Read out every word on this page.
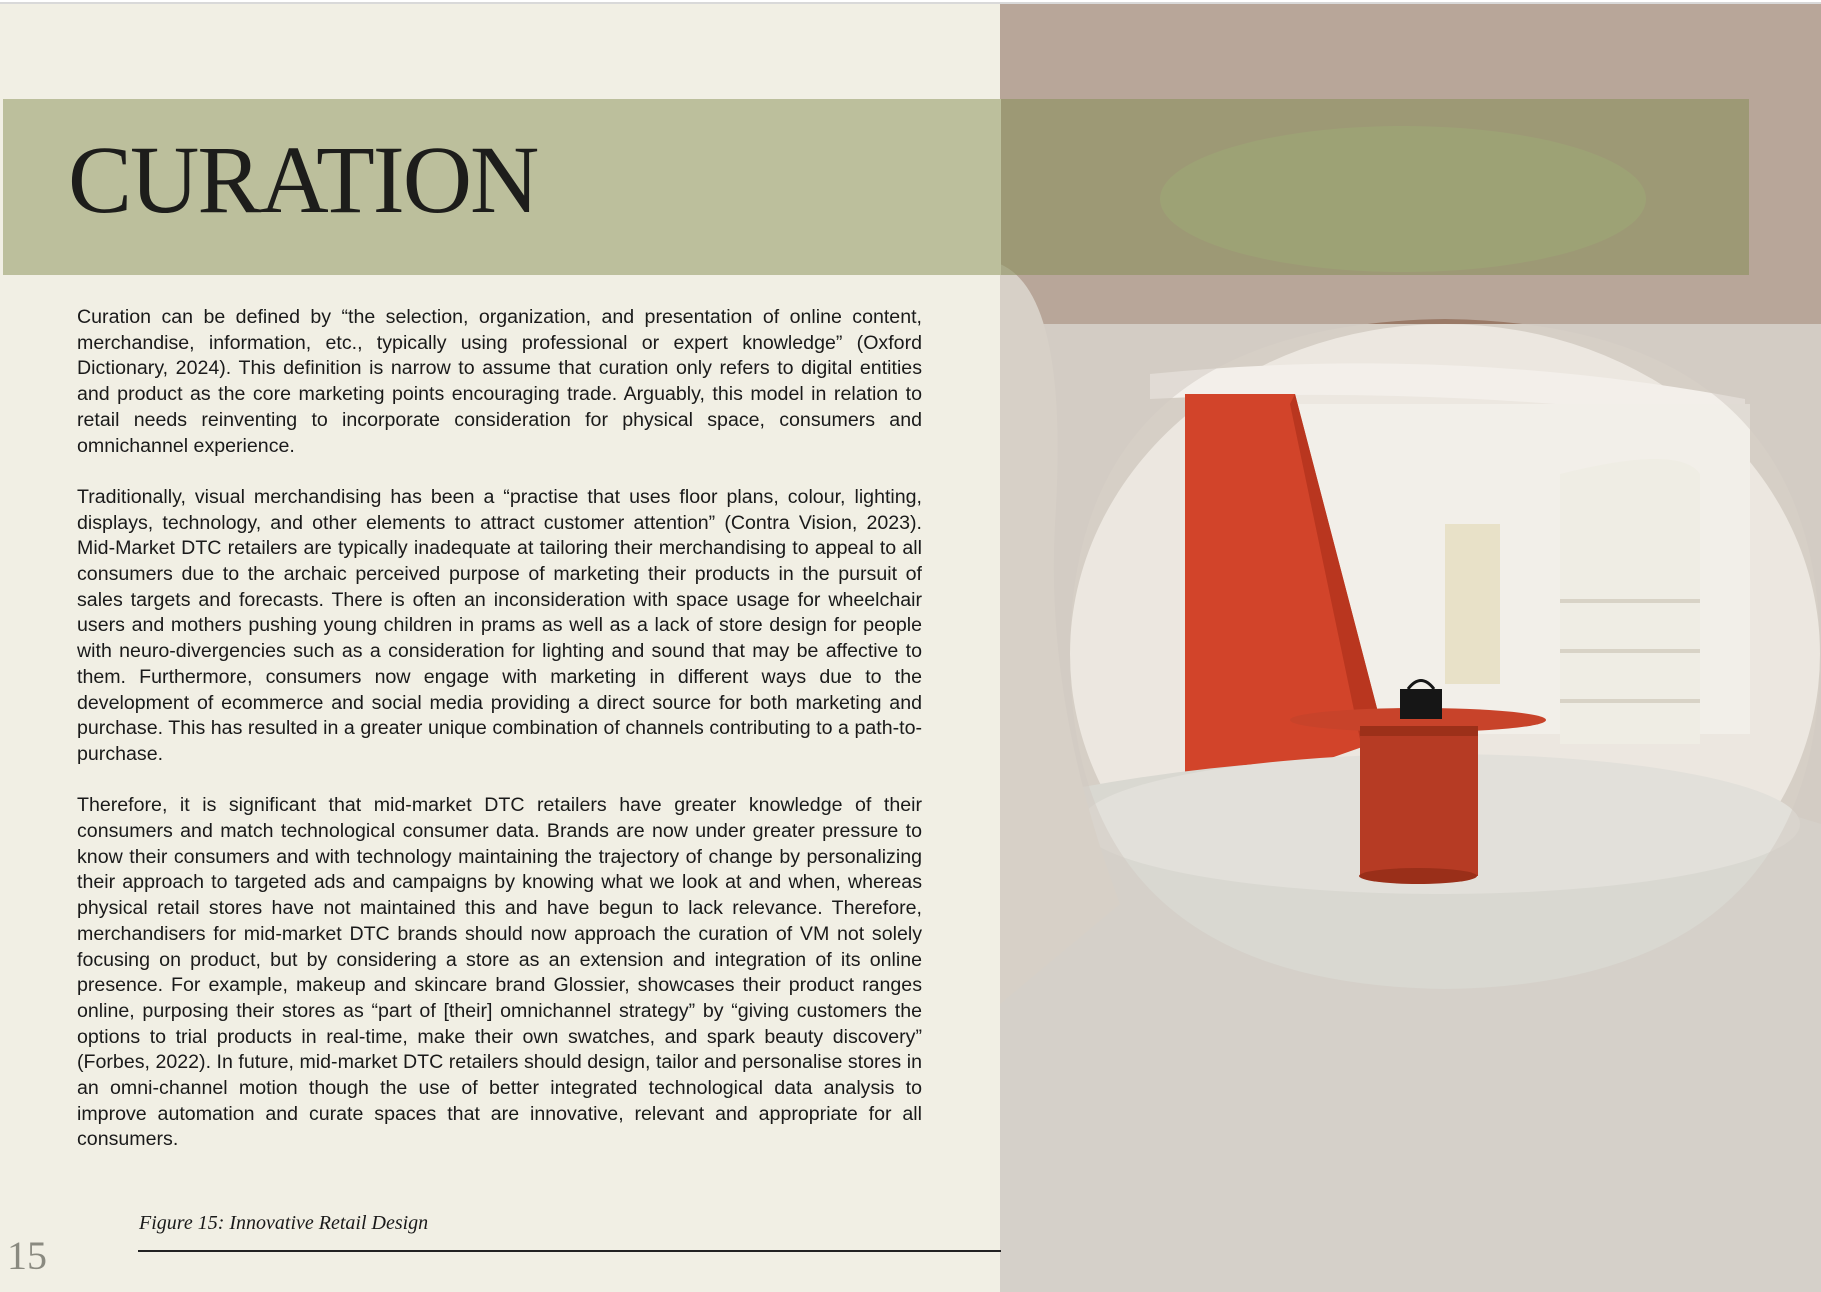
CURATION

Curation can be defined by “the selection, organization, and presentation of online content, merchandise, information, etc., typically using professional or expert knowledge” (Oxford Dictionary, 2024). This definition is narrow to assume that curation only refers to digital entities and product as the core marketing points encouraging trade. Arguably, this model in relation to retail needs reinventing to incorporate consideration for physical space, consumers and omnichannel experience.

Traditionally, visual merchandising has been a “practise that uses floor plans, colour, lighting, displays, technology, and other elements to attract customer attention” (Contra Vision, 2023). Mid-Market DTC retailers are typically inadequate at tailoring their merchandising to appeal to all consumers due to the archaic perceived purpose of marketing their products in the pursuit of sales targets and forecasts. There is often an inconsideration with space usage for wheelchair users and mothers pushing young children in prams as well as a lack of store design for people with neuro-divergencies such as a consideration for lighting and sound that may be affective to them. Furthermore, consumers now engage with marketing in different ways due to the development of ecommerce and social media providing a direct source for both marketing and purchase. This has resulted in a greater unique combination of channels contributing to a path-to-purchase.

Therefore, it is significant that mid-market DTC retailers have greater knowledge of their consumers and match technological consumer data. Brands are now under greater pressure to know their consumers and with technology maintaining the trajectory of change by personalizing their approach to targeted ads and campaigns by knowing what we look at and when, whereas physical retail stores have not maintained this and have begun to lack relevance. Therefore, merchandisers for mid-market DTC brands should now approach the curation of VM not solely focusing on product, but by considering a store as an extension and integration of its online presence. For example, makeup and skincare brand Glossier, showcases their product ranges online, purposing their stores as “part of [their] omnichannel strategy” by “giving customers the options to trial products in real-time, make their own swatches, and spark beauty discovery” (Forbes, 2022). In future, mid-market DTC retailers should design, tailor and personalise stores in an omni-channel motion though the use of better integrated technological data analysis to improve automation and curate spaces that are innovative, relevant and appropriate for all consumers.

Figure 15: Innovative Retail Design

15
